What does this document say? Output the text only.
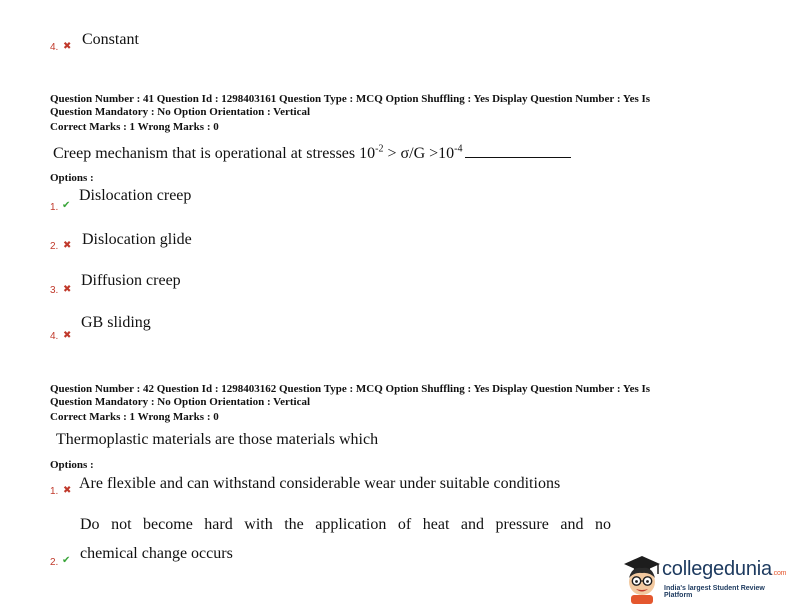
4. ✖ Constant
Question Number : 41 Question Id : 1298403161 Question Type : MCQ Option Shuffling : Yes Display Question Number : Yes Is
Question Mandatory : No Option Orientation : Vertical
Correct Marks : 1 Wrong Marks : 0
Creep mechanism that is operational at stresses $10^{-2} > \sigma/G >10^{-4}$
Options :
1. ✔
Dislocation creep
2. ✖ Dislocation glide
3. ✖
Diffusion creep
4. ✖
GB sliding
Question Number : 42 Question Id : 1298403162 Question Type : MCQ Option Shuffling : Yes Display Question Number : Yes Is
Question Mandatory : No Option Orientation : Vertical
Correct Marks : 1 Wrong Marks : 0
Thermoplastic materials are those materials which
Options :
1. ✖ Are flexible and can withstand considerable wear under suitable conditions
Do not become hard with the application of heat and pressure and no
chemical change occurs
2. ✔	collegedunia.com
India's largest Student Review Platform
